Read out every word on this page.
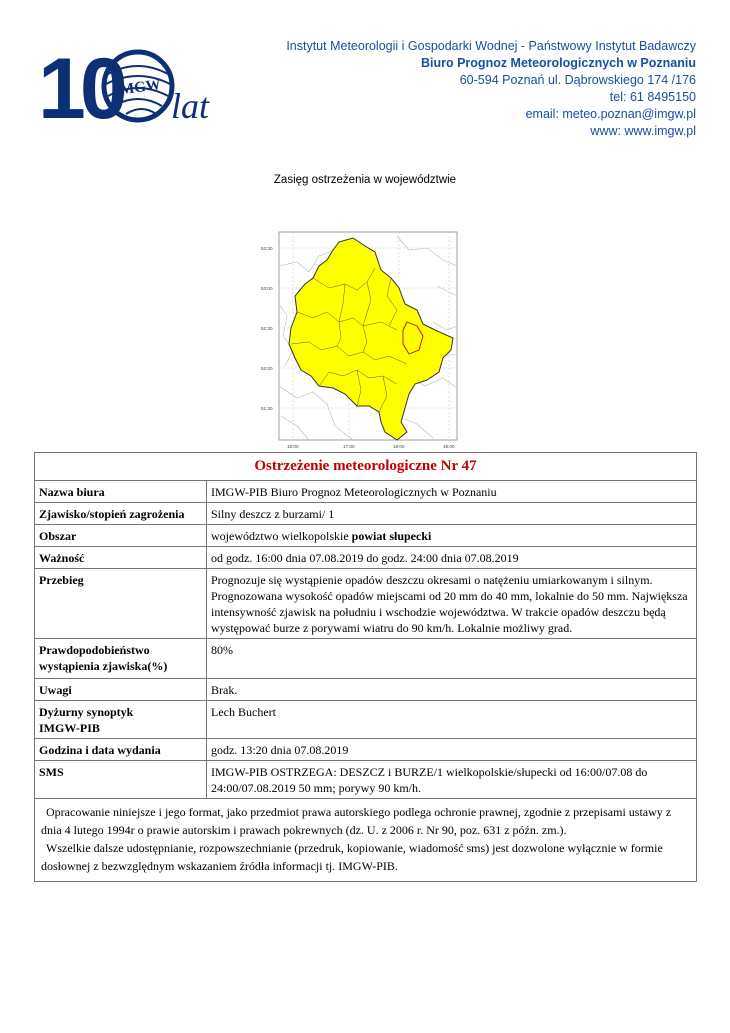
10
IMGW lat
Instytut Meteorologii i Gospodarki Wodnej - Państwowy Instytut Badawczy
Biuro Prognoz Meteorologicznych w Poznaniu
60-594 Poznań ul. Dąbrowskiego 174 /176
tel: 61 8495150
email: meteo.poznan@imgw.pl
www: www.imgw.pl
Zasięg ostrzeżenia w województwie
53:30
53:00
52:30
52:00
51:30
16:00	17:00	18:00	19:00
Ostrzeżenie meteorologiczne Nr 47	
Nazwa biura	IMGW-PIB Biuro Prognoz Meteorologicznych w Poznaniu
Zjawisko/stopień zagrożenia	Silny deszcz z burzami/ 1
Obszar	województwo wielkopolskie powiat słupecki
Ważność	od godz. 16:00 dnia 07.08.2019 do godz. 24:00 dnia 07.08.2019
Przebieg	Prognozuje się wystąpienie opadów deszczu okresami o natężeniu umiarkowanym i silnym. Prognozowana wysokość opadów miejscami od 20 mm do 40 mm, lokalnie do 50 mm. Największa intensywność zjawisk na południu i wschodzie województwa. W trakcie opadów deszczu będą występować burze z porywami wiatru do 90 km/h. Lokalnie możliwy grad.
Prawdopodobieństwo wystąpienia zjawiska(%)	80%
Uwagi	Brak.

Dyżurny synoptyk
IMGW-PIB	Lech Buchert
Godzina i data wydania	godz. 13:20 dnia 07.08.2019
SMS	IMGW-PIB OSTRZEGA: DESZCZ i BURZE/1 wielkopolskie/słupecki od 16:00/07.08 do 24:00/07.08.2019 50 mm; porywy 90 km/h.

Opracowanie niniejsze i jego format, jako przedmiot prawa autorskiego podlega ochronie prawnej, zgodnie z przepisami ustawy z dnia 4 lutego 1994r o prawie autorskim i prawach pokrewnych (dz. U. z 2006 r. Nr 90, poz. 631 z późn. zm.).
Wszelkie dalsze udostępnianie, rozpowszechnianie (przedruk, kopiowanie, wiadomość sms) jest dozwolone wyłącznie w formie dosłownej z bezwzględnym wskazaniem źródła informacji tj. IMGW-PIB.	
